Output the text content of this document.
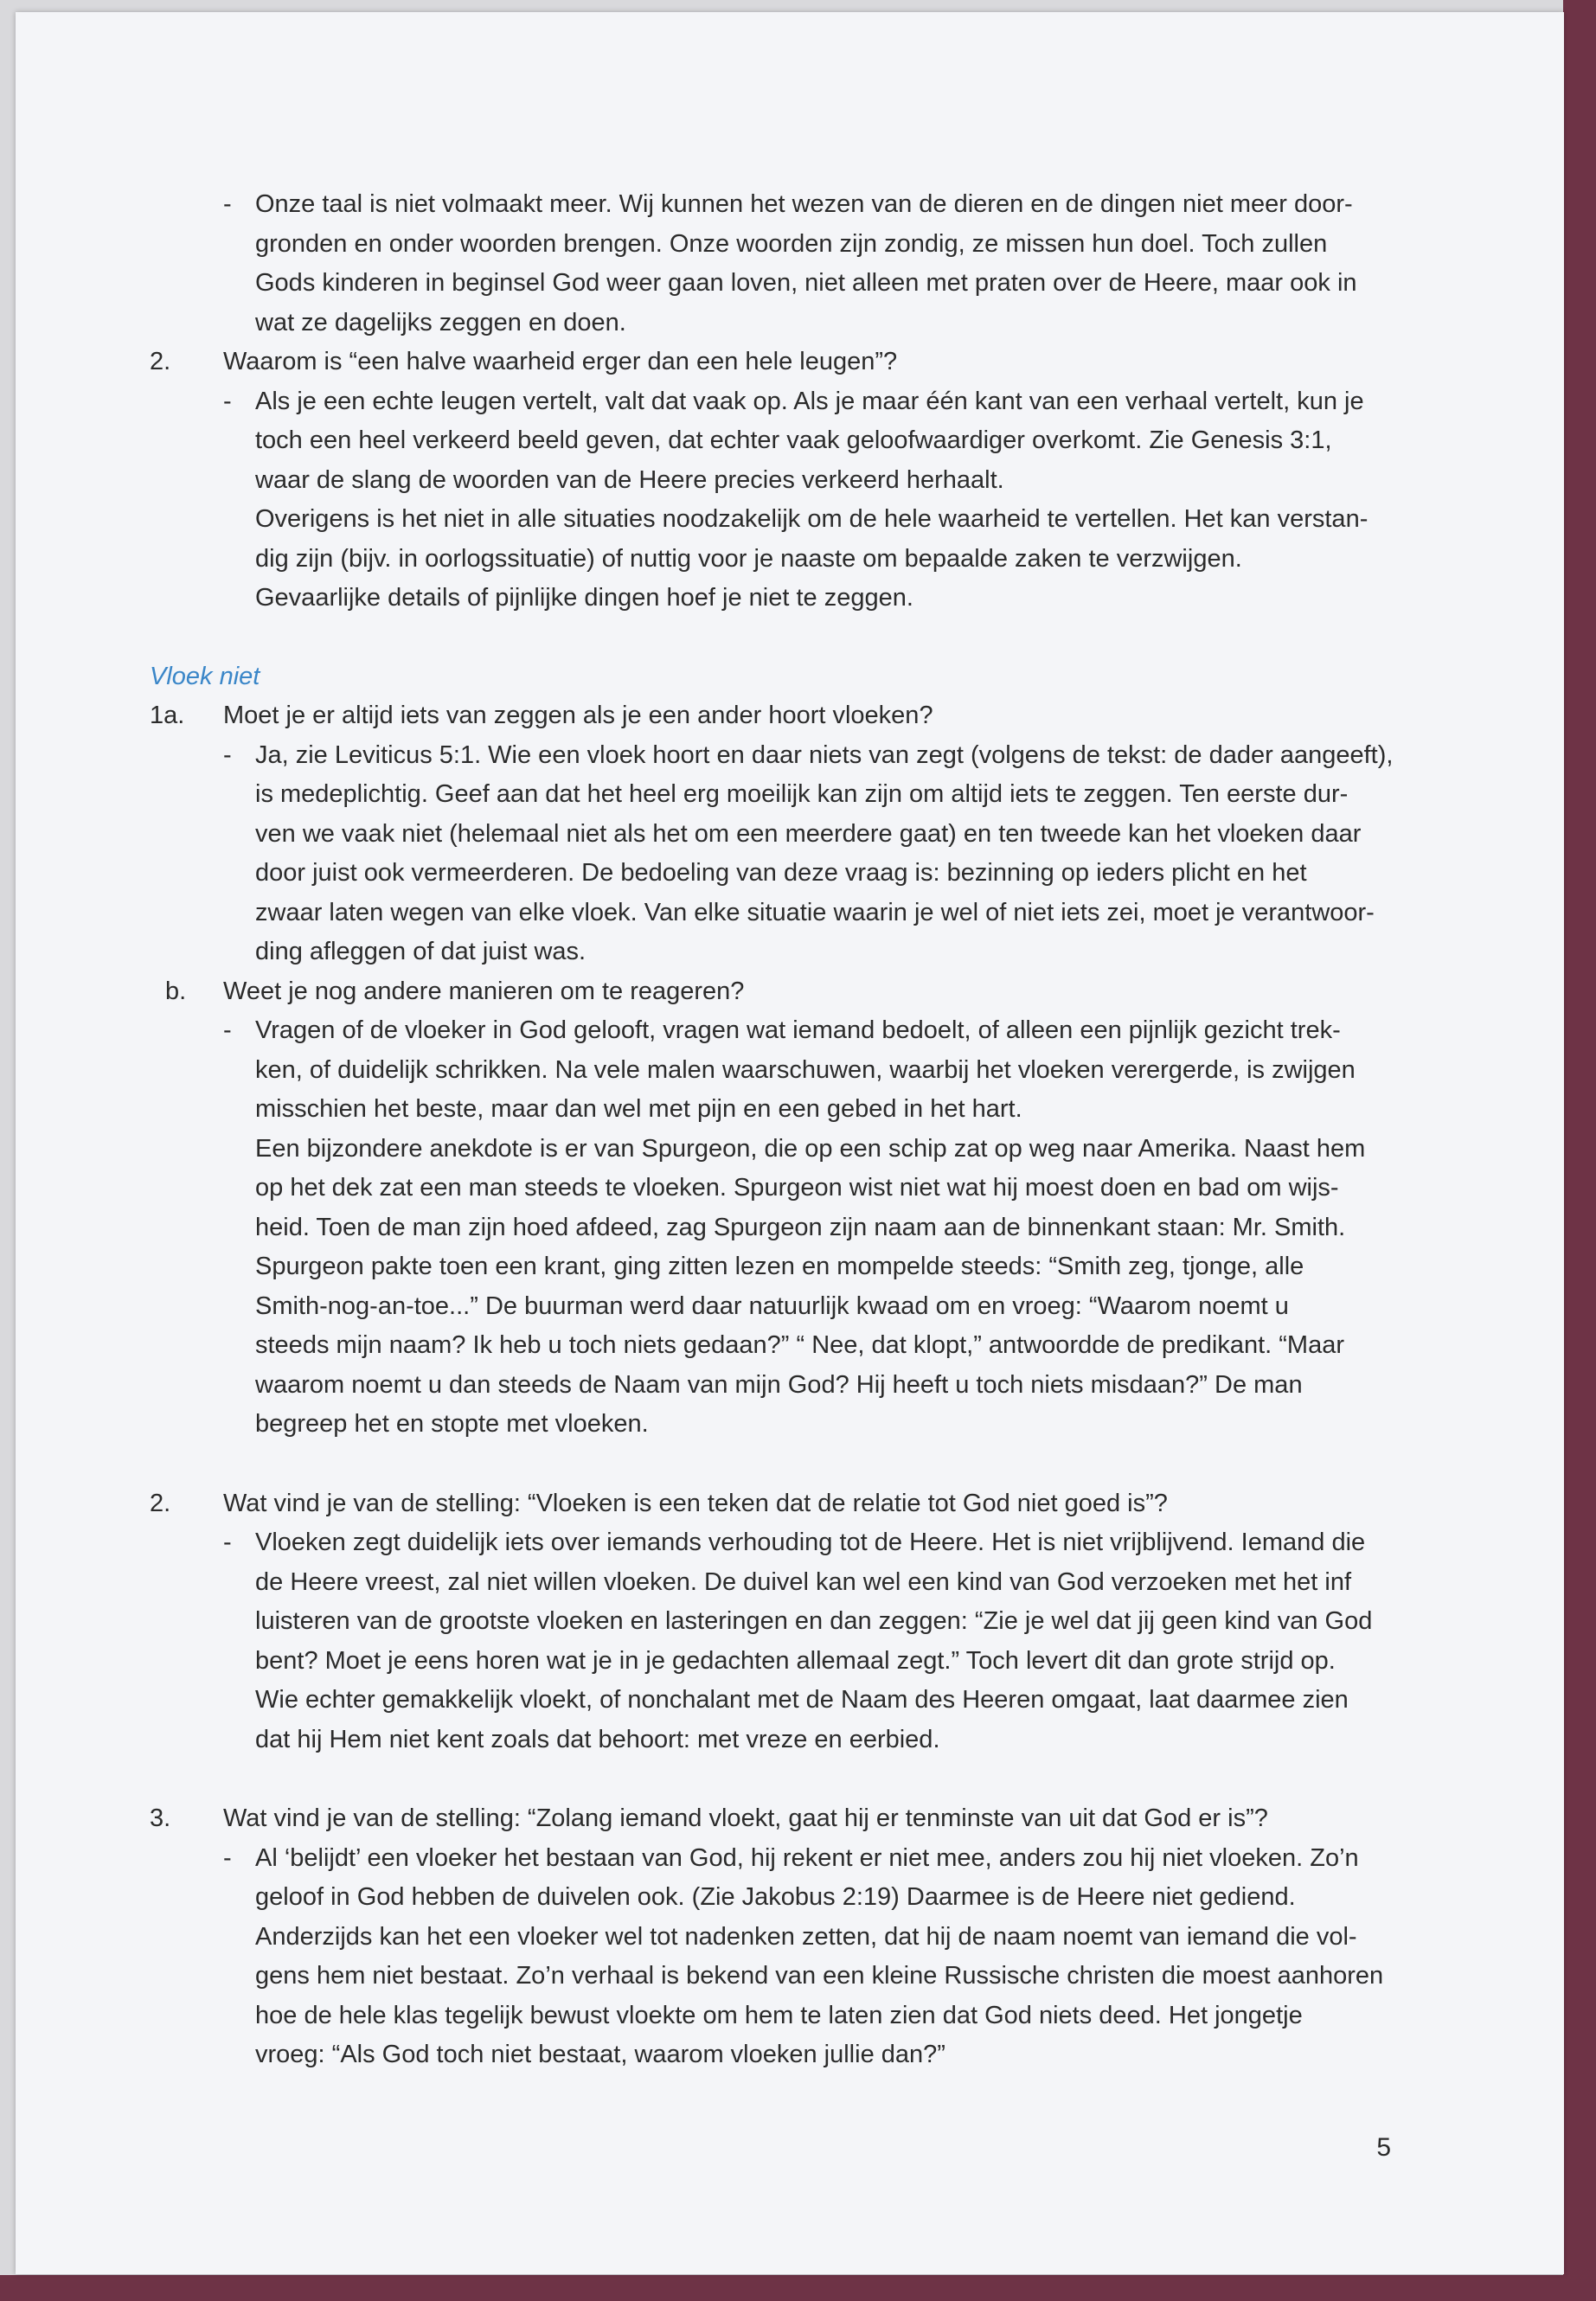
- Onze taal is niet volmaakt meer. Wij kunnen het wezen van de dieren en de dingen niet meer door-
gronden en onder woorden brengen. Onze woorden zijn zondig, ze missen hun doel. Toch zullen
Gods kinderen in beginsel God weer gaan loven, niet alleen met praten over de Heere, maar ook in
wat ze dagelijks zeggen en doen.
2.	Waarom is “een halve waarheid erger dan een hele leugen”?
- Als je een echte leugen vertelt, valt dat vaak op. Als je maar één kant van een verhaal vertelt, kun je
toch een heel verkeerd beeld geven, dat echter vaak geloofwaardiger overkomt. Zie Genesis 3:1,
waar de slang de woorden van de Heere precies verkeerd herhaalt.
Overigens is het niet in alle situaties noodzakelijk om de hele waarheid te vertellen. Het kan verstan-
dig zijn (bijv. in oorlogssituatie) of nuttig voor je naaste om bepaalde zaken te verzwijgen.
Gevaarlijke details of pijnlijke dingen hoef je niet te zeggen.
Vloek niet
1a.	Moet je er altijd iets van zeggen als je een ander hoort vloeken?
- Ja, zie Leviticus 5:1. Wie een vloek hoort en daar niets van zegt (volgens de tekst: de dader aangeeft),
is medeplichtig. Geef aan dat het heel erg moeilijk kan zijn om altijd iets te zeggen. Ten eerste dur-
ven we vaak niet (helemaal niet als het om een meerdere gaat) en ten tweede kan het vloeken daar
door juist ook vermeerderen. De bedoeling van deze vraag is: bezinning op ieders plicht en het
zwaar laten wegen van elke vloek. Van elke situatie waarin je wel of niet iets zei, moet je verantwoor-
ding afleggen of dat juist was.
b.	Weet je nog andere manieren om te reageren?
- Vragen of de vloeker in God gelooft, vragen wat iemand bedoelt, of alleen een pijnlijk gezicht trek-
ken, of duidelijk schrikken. Na vele malen waarschuwen, waarbij het vloeken verergerde, is zwijgen
misschien het beste, maar dan wel met pijn en een gebed in het hart.
Een bijzondere anekdote is er van Spurgeon, die op een schip zat op weg naar Amerika. Naast hem
op het dek zat een man steeds te vloeken. Spurgeon wist niet wat hij moest doen en bad om wijs-
heid. Toen de man zijn hoed afdeed, zag Spurgeon zijn naam aan de binnenkant staan: Mr. Smith.
Spurgeon pakte toen een krant, ging zitten lezen en mompelde steeds: “Smith zeg, tjonge, alle
Smith-nog-an-toe...” De buurman werd daar natuurlijk kwaad om en vroeg: “Waarom noemt u
steeds mijn naam? Ik heb u toch niets gedaan?” “ Nee, dat klopt,” antwoordde de predikant. “Maar
waarom noemt u dan steeds de Naam van mijn God? Hij heeft u toch niets misdaan?” De man
begreep het en stopte met vloeken.
2.	Wat vind je van de stelling: “Vloeken is een teken dat de relatie tot God niet goed is”?
- Vloeken zegt duidelijk iets over iemands verhouding tot de Heere. Het is niet vrijblijvend. Iemand die
de Heere vreest, zal niet willen vloeken. De duivel kan wel een kind van God verzoeken met het inf
luisteren van de grootste vloeken en lasteringen en dan zeggen: “Zie je wel dat jij geen kind van God
bent? Moet je eens horen wat je in je gedachten allemaal zegt.” Toch levert dit dan grote strijd op.
Wie echter gemakkelijk vloekt, of nonchalant met de Naam des Heeren omgaat, laat daarmee zien
dat hij Hem niet kent zoals dat behoort: met vreze en eerbied.
3.	Wat vind je van de stelling: “Zolang iemand vloekt, gaat hij er tenminste van uit dat God er is”?
- Al ‘belijdt’ een vloeker het bestaan van God, hij rekent er niet mee, anders zou hij niet vloeken. Zo’n
geloof in God hebben de duivelen ook. (Zie Jakobus 2:19) Daarmee is de Heere niet gediend.
Anderzijds kan het een vloeker wel tot nadenken zetten, dat hij de naam noemt van iemand die vol-
gens hem niet bestaat. Zo’n verhaal is bekend van een kleine Russische christen die moest aanhoren
hoe de hele klas tegelijk bewust vloekte om hem te laten zien dat God niets deed. Het jongetje
vroeg: “Als God toch niet bestaat, waarom vloeken jullie dan?”
5
